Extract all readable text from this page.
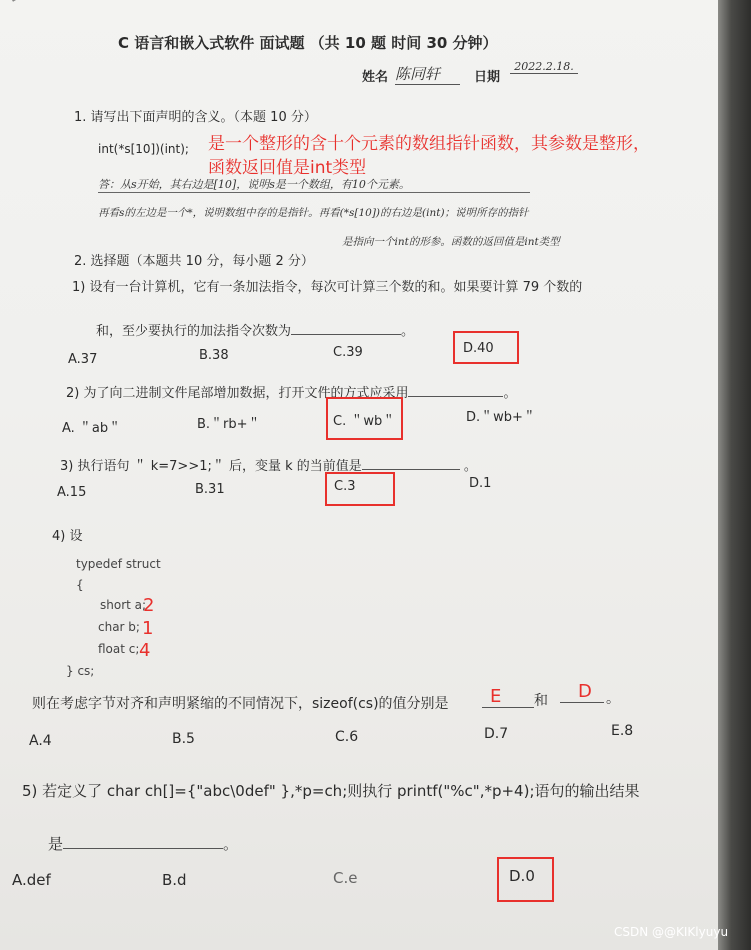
C 语言和嵌入式软件 面试题 （共 10 题 时间 30 分钟）
姓名 陈同轩	日期
2022.2.18.
1. 请写出下面声明的含义。（本题 10 分）
int(*s[10])(int); 是一个整形的含十个元素的数组指针函数，其参数是整形，
函数返回值是int类型
答：从s开始，其右边是[10]，说明s是一个数组，有10个元素。
再看s的左边是一个*，说明数组中存的是指针。再看(*s[10])的右边是(int)；说明所存的指针
是指向一个int的形参。函数的返回值是int类型
2. 选择题（本题共 10 分，每小题 2 分）
1) 设有一台计算机，它有一条加法指令，每次可计算三个数的和。如果要计算 79 个数的
和，至少要执行的加法指令次数为	。
A.37	B.38	C.39	D.40
2) 为了向二进制文件尾部增加数据，打开文件的方式应采用	。
A. ＂ab＂	B.＂rb+＂	C. ＂wb＂	D.＂wb+＂
3) 执行语句 ＂ k=7>>1;＂ 后，变量 k 的当前值是	。
A.15	B.31	C.3	D.1
4) 设
typedef struct
{
short a;
char b;
float c;
} cs;
2
1
4
则在考虑字节对齐和声明紧缩的不同情况下，sizeof(cs)的值分别是	E	和	D	。
A.4	B.5	C.6	D.7	E.8
5) 若定义了 char ch[]={"abc\0def" },*p=ch;则执行 printf("%c",*p+4);语句的输出结果
是	。
A.def	B.d	C.e	D.0
CSDN @@KIKlyuyu
